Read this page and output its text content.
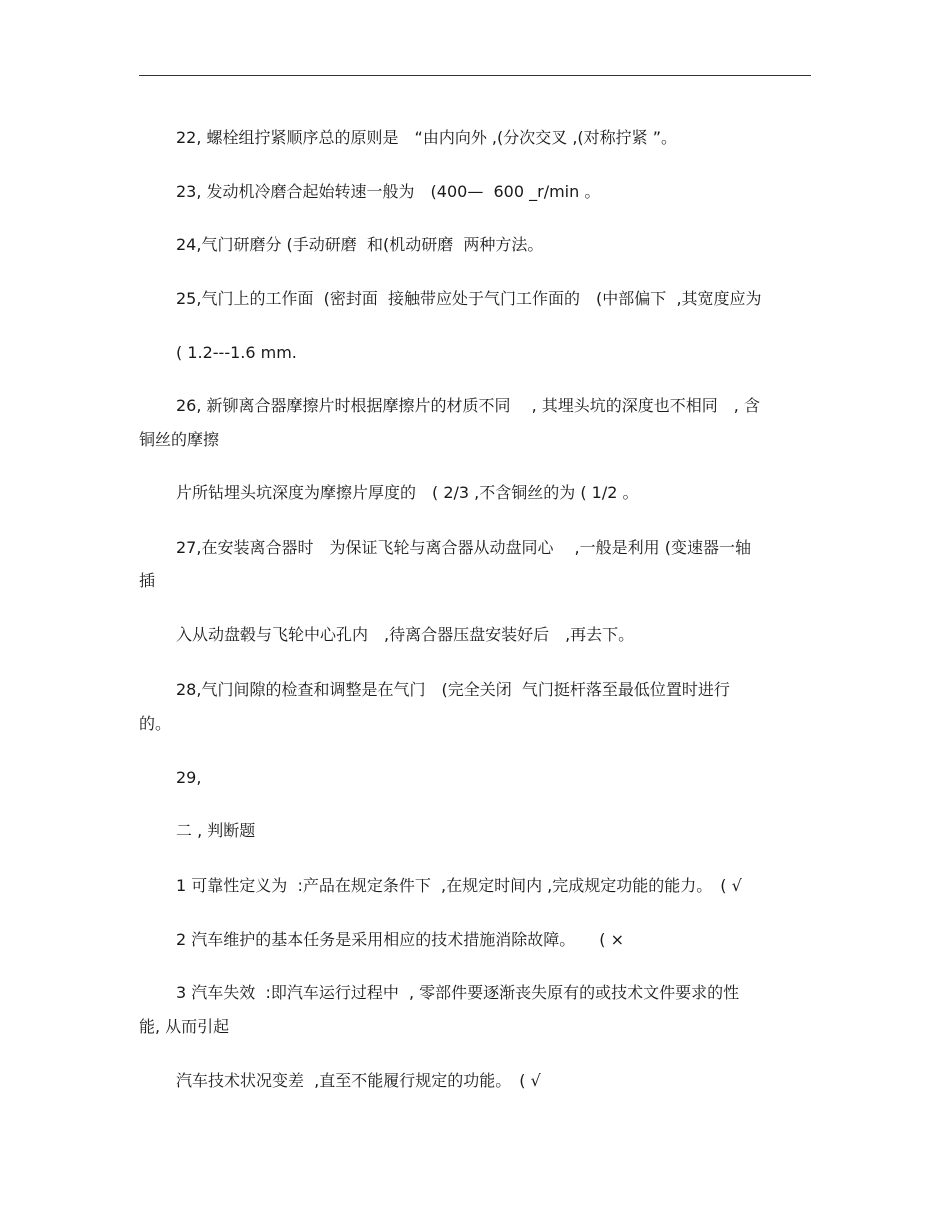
22, 螺栓组拧紧顺序总的原则是　“由内向外 ,(分次交叉 ,(对称拧紧 ”。
23, 发动机冷磨合起始转速一般为　(400—  600 _r/min 。
24,气门研磨分 (手动研磨  和(机动研磨  两种方法。
25,气门上的工作面  (密封面  接触带应处于气门工作面的　(中部偏下  ,其宽度应为
( 1.2---1.6 mm.
26, 新铆离合器摩擦片时根据摩擦片的材质不同　 , 其埋头坑的深度也不相同　, 含
铜丝的摩擦
片所钻埋头坑深度为摩擦片厚度的　( 2/3 ,不含铜丝的为 ( 1/2 。
27,在安装离合器时　为保证飞轮与离合器从动盘同心　 ,一般是利用 (变速器一轴
插
入从动盘毂与飞轮中心孔内　,待离合器压盘安装好后　,再去下。
28,气门间隙的检查和调整是在气门　(完全关闭  气门挺杆落至最低位置时进行
的。
29,
二 , 判断题
1 可靠性定义为  :产品在规定条件下  ,在规定时间内 ,完成规定功能的能力。　( √
2 汽车维护的基本任务是采用相应的技术措施消除故障。　　( ×
3 汽车失效  :即汽车运行过程中  , 零部件要逐渐丧失原有的或技术文件要求的性
能, 从而引起
汽车技术状况变差  ,直至不能履行规定的功能。　( √
